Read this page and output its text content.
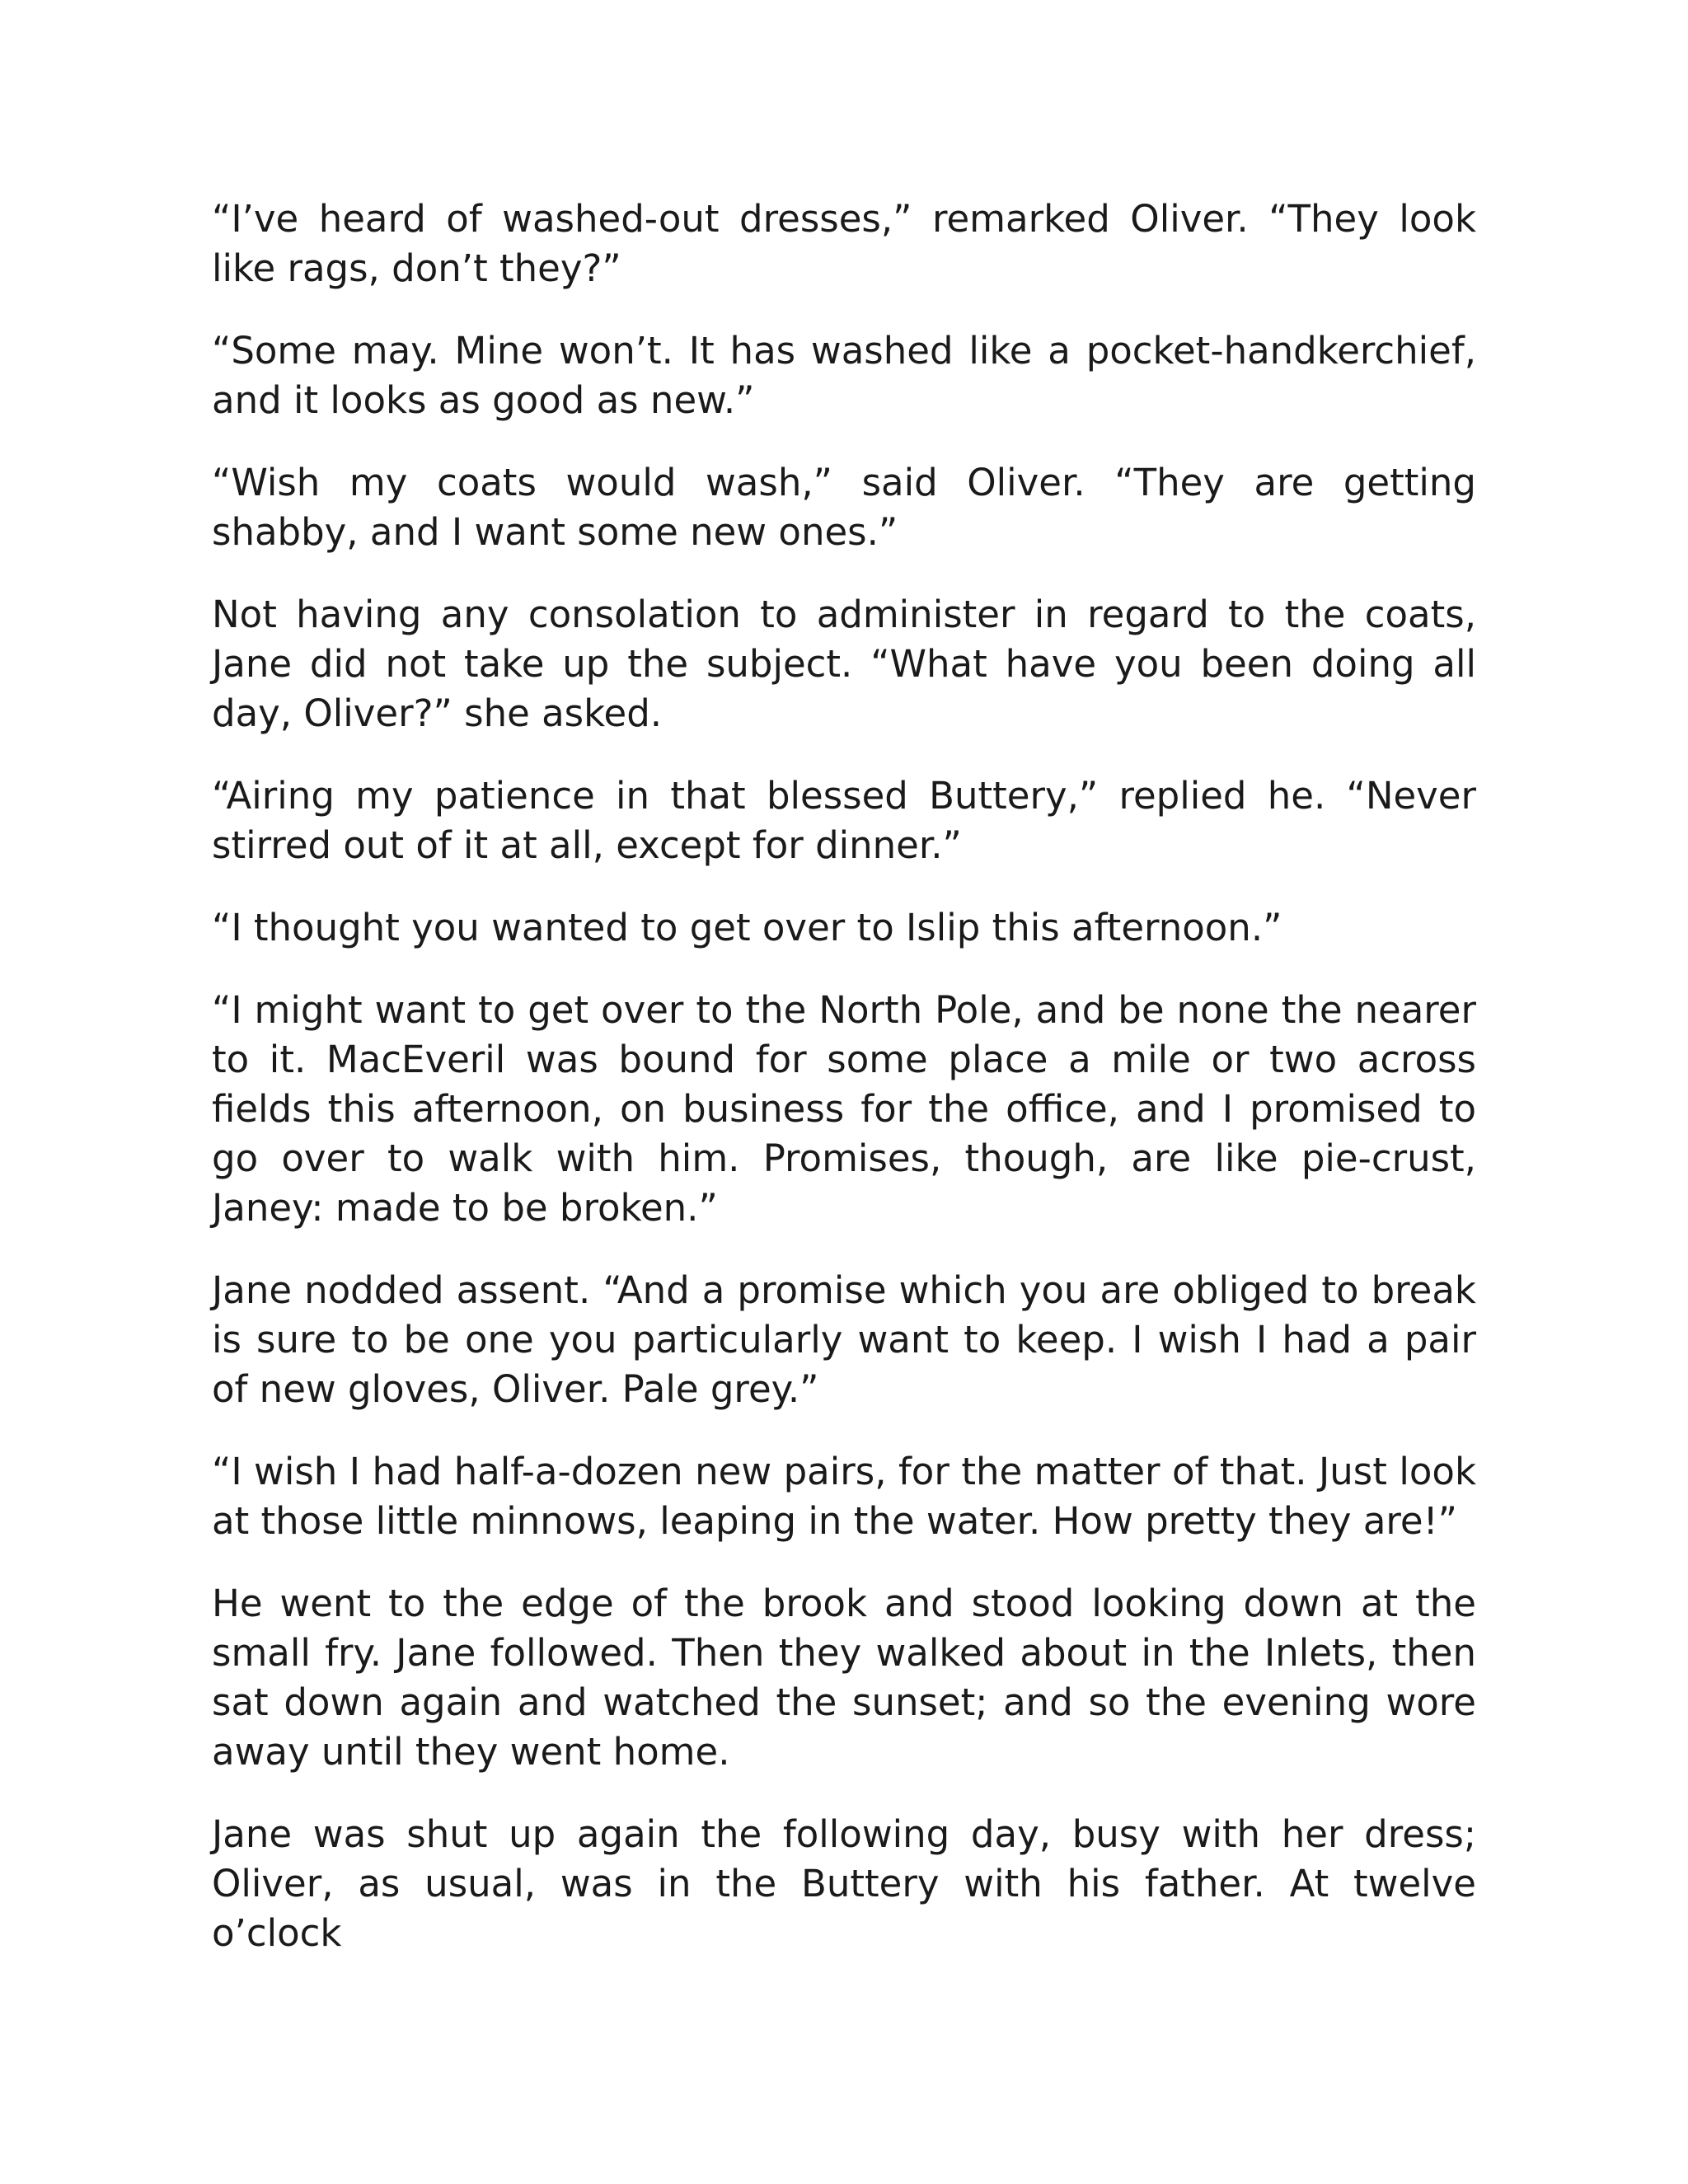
“I’ve heard of washed-out dresses,” remarked Oliver. “They look like rags, don’t they?”

“Some may. Mine won’t. It has washed like a pocket-handkerchief, and it looks as good as new.”

“Wish my coats would wash,” said Oliver. “They are getting shabby, and I want some new ones.”

Not having any consolation to administer in regard to the coats, Jane did not take up the subject. “What have you been doing all day, Oliver?” she asked.

“Airing my patience in that blessed Buttery,” replied he. “Never stirred out of it at all, except for dinner.”

“I thought you wanted to get over to Islip this afternoon.”

“I might want to get over to the North Pole, and be none the nearer to it. MacEveril was bound for some place a mile or two across fields this afternoon, on business for the office, and I promised to go over to walk with him. Promises, though, are like pie-crust, Janey: made to be broken.”

Jane nodded assent. “And a promise which you are obliged to break is sure to be one you particularly want to keep. I wish I had a pair of new gloves, Oliver. Pale grey.”

“I wish I had half-a-dozen new pairs, for the matter of that. Just look at those little minnows, leaping in the water. How pretty they are!”

He went to the edge of the brook and stood looking down at the small fry. Jane followed. Then they walked about in the Inlets, then sat down again and watched the sunset; and so the evening wore away until they went home.

Jane was shut up again the following day, busy with her dress; Oliver, as usual, was in the Buttery with his father. At twelve o’clock
